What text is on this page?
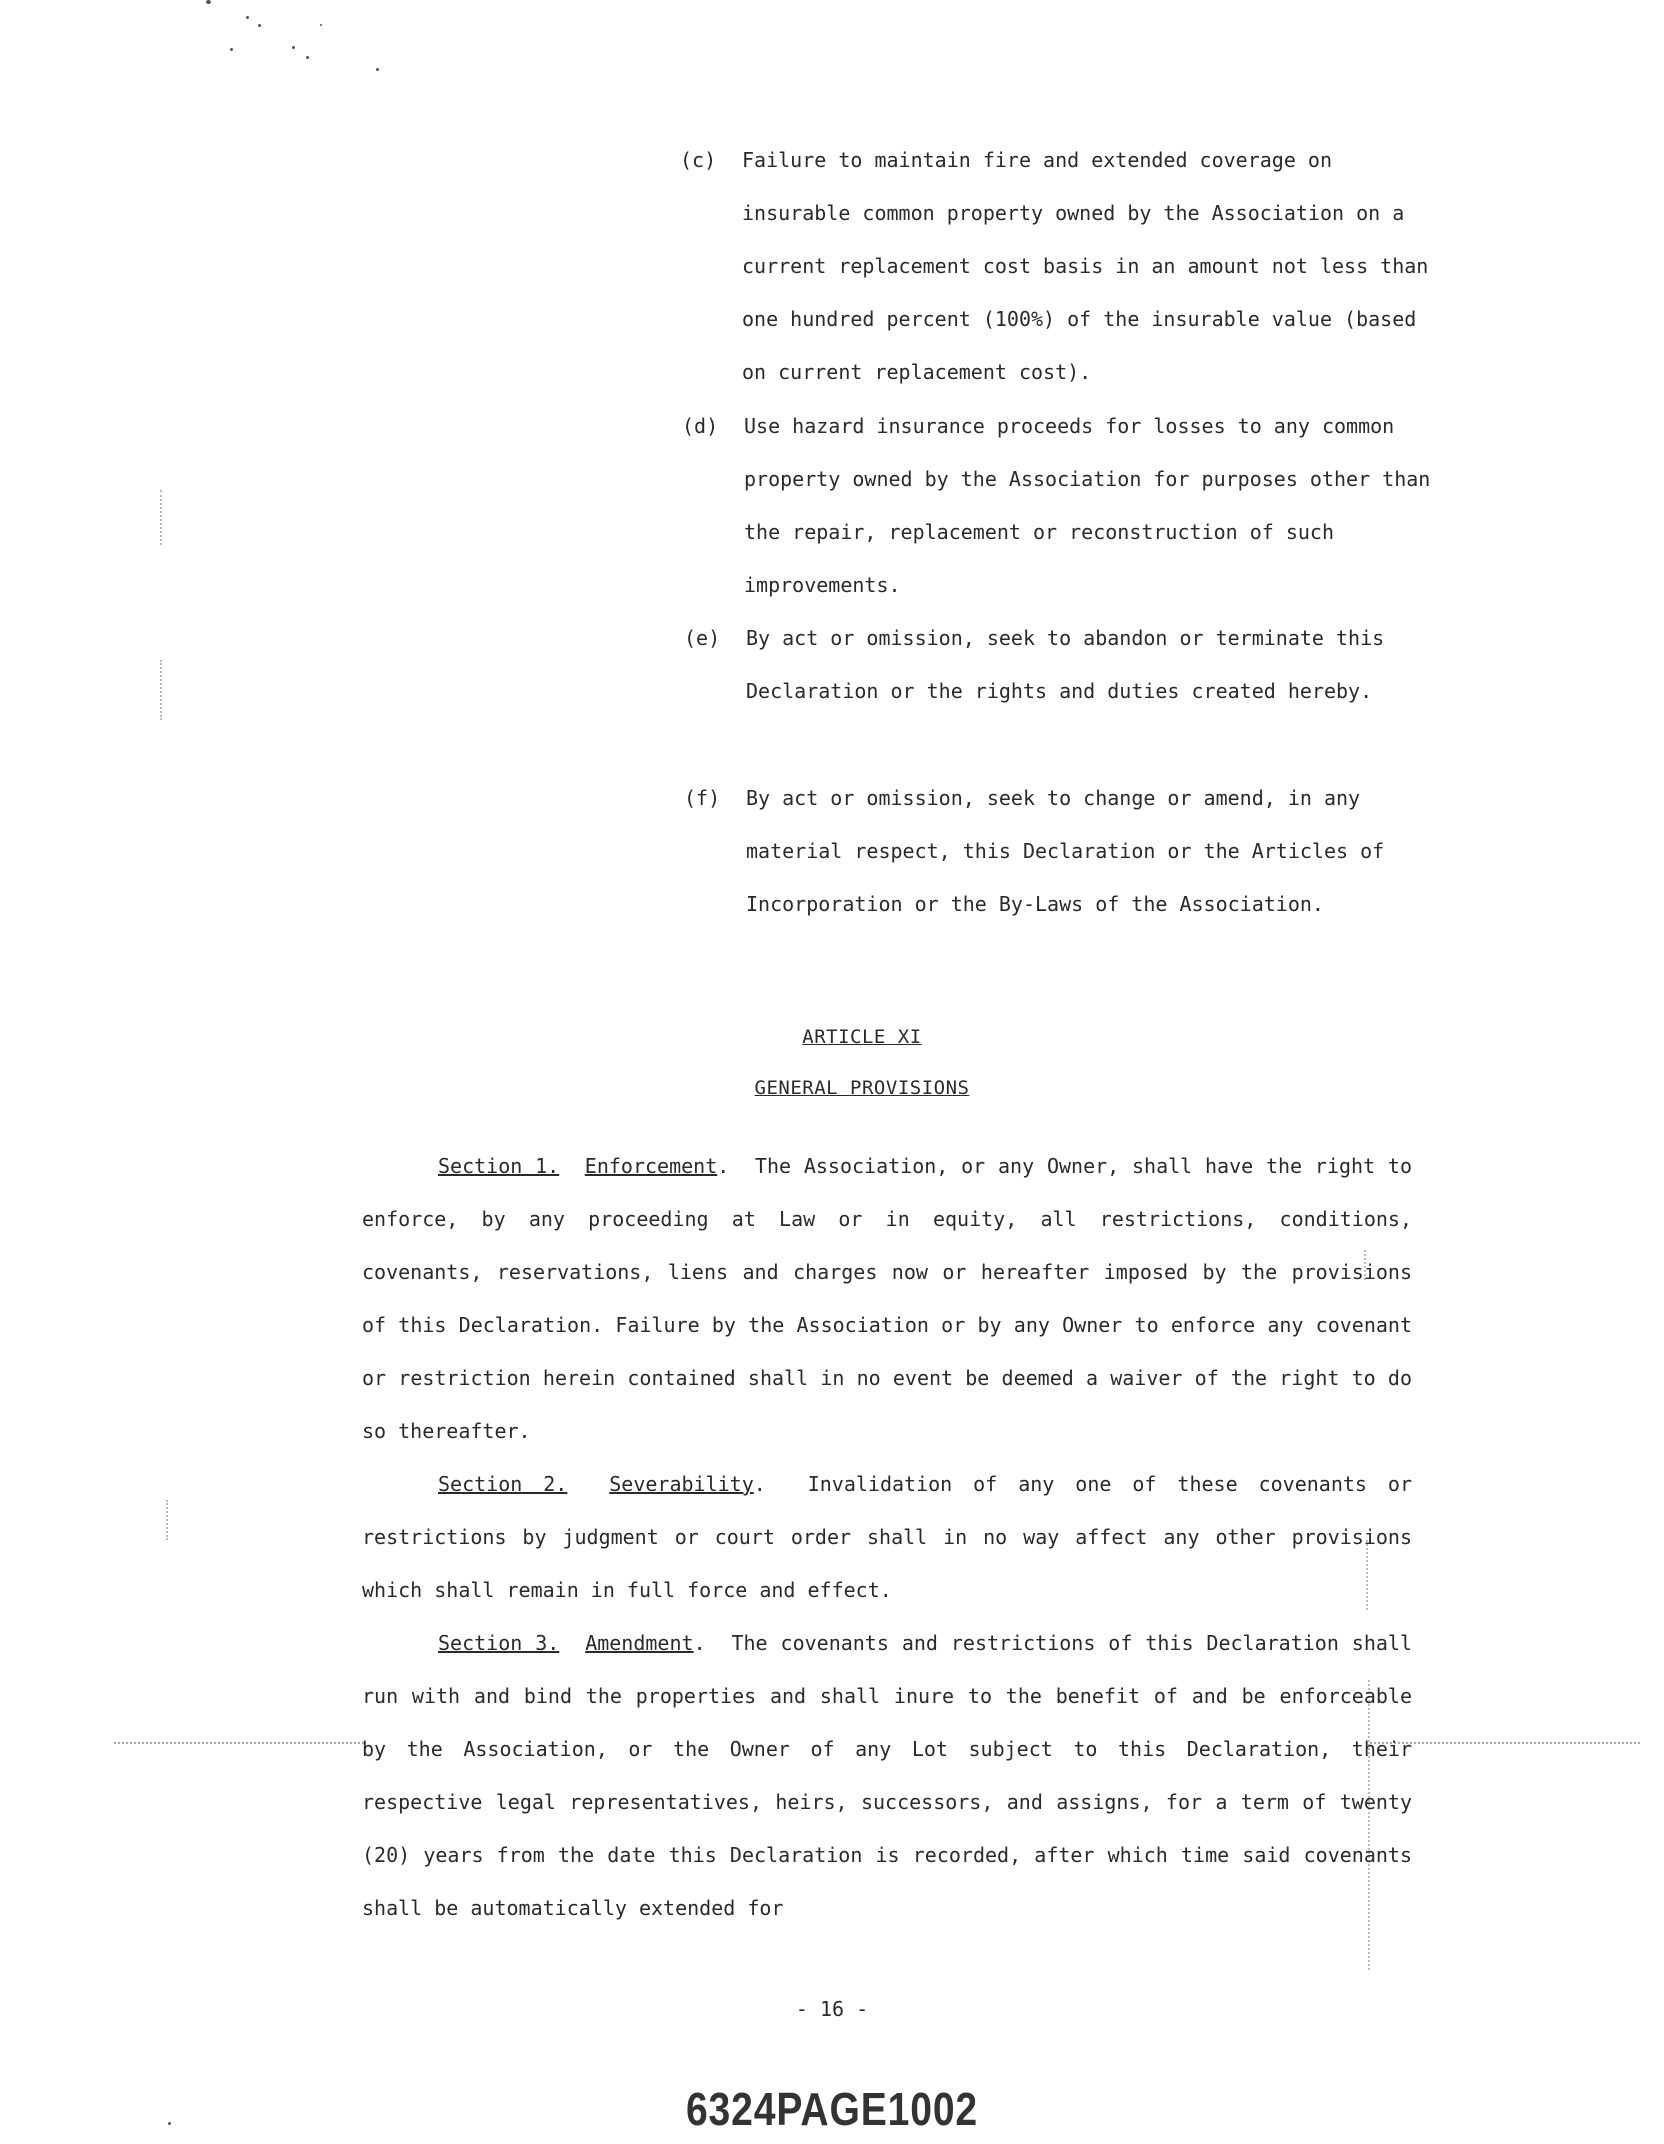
(c) Failure to maintain fire and extended coverage on insurable common property owned by the Association on a current replacement cost basis in an amount not less than one hundred percent (100%) of the insurable value (based on current replacement cost).
(d) Use hazard insurance proceeds for losses to any common property owned by the Association for purposes other than the repair, replacement or reconstruction of such improvements.
(e) By act or omission, seek to abandon or terminate this Declaration or the rights and duties created hereby.
(f) By act or omission, seek to change or amend, in any material respect, this Declaration or the Articles of Incorporation or the By-Laws of the Association.
ARTICLE XI
GENERAL PROVISIONS

Section 1. Enforcement.  The Association, or any Owner, shall have the right to enforce, by any proceeding at Law or in equity, all restrictions, conditions, covenants, reservations, liens and charges now or hereafter imposed by the provisions of this Declaration. Failure by the Association or by any Owner to enforce any covenant or restriction herein contained shall in no event be deemed a waiver of the right to do so thereafter.

Section 2. Severability.  Invalidation of any one of these covenants or restrictions by judgment or court order shall in no way affect any other provisions which shall remain in full force and effect.

Section 3. Amendment.  The covenants and restrictions of this Declaration shall run with and bind the properties and shall inure to the benefit of and be enforceable by the Association, or the Owner of any Lot subject to this Declaration, their respective legal representatives, heirs, successors, and assigns, for a term of twenty (20) years from the date this Declaration is recorded, after which time said covenants shall be automatically extended for

- 16 -
6324PAGE1002
